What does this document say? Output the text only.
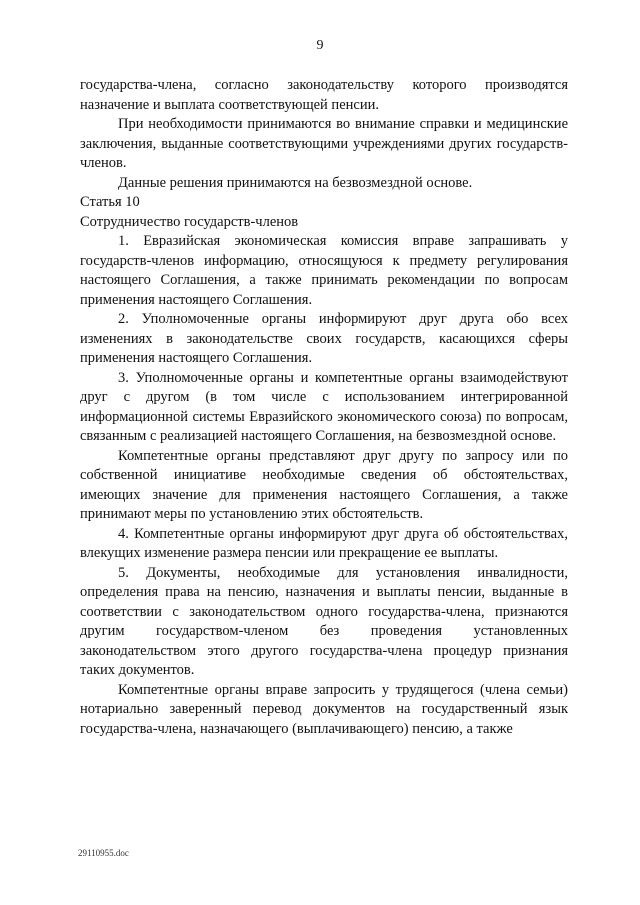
9

государства-члена, согласно законодательству которого производятся назначение и выплата соответствующей пенсии.

При необходимости принимаются во внимание справки и медицинские заключения, выданные соответствующими учреждениями других государств-членов.

Данные решения принимаются на безвозмездной основе.

Статья 10

Сотрудничество государств-членов

1. Евразийская экономическая комиссия вправе запрашивать у государств-членов информацию, относящуюся к предмету регулирования настоящего Соглашения, а также принимать рекомендации по вопросам применения настоящего Соглашения.

2. Уполномоченные органы информируют друг друга обо всех изменениях в законодательстве своих государств, касающихся сферы применения настоящего Соглашения.

3. Уполномоченные органы и компетентные органы взаимодействуют друг с другом (в том числе с использованием интегрированной информационной системы Евразийского экономического союза) по вопросам, связанным с реализацией настоящего Соглашения, на безвозмездной основе.

Компетентные органы представляют друг другу по запросу или по собственной инициативе необходимые сведения об обстоятельствах, имеющих значение для применения настоящего Соглашения, а также принимают меры по установлению этих обстоятельств.

4. Компетентные органы информируют друг друга об обстоятельствах, влекущих изменение размера пенсии или прекращение ее выплаты.

5. Документы, необходимые для установления инвалидности, определения права на пенсию, назначения и выплаты пенсии, выданные в соответствии с законодательством одного государства-члена, признаются другим государством-членом без проведения установленных законодательством этого другого государства-члена процедур признания таких документов.

Компетентные органы вправе запросить у трудящегося (члена семьи) нотариально заверенный перевод документов на государственный язык государства-члена, назначающего (выплачивающего) пенсию, а также

29110955.doc
